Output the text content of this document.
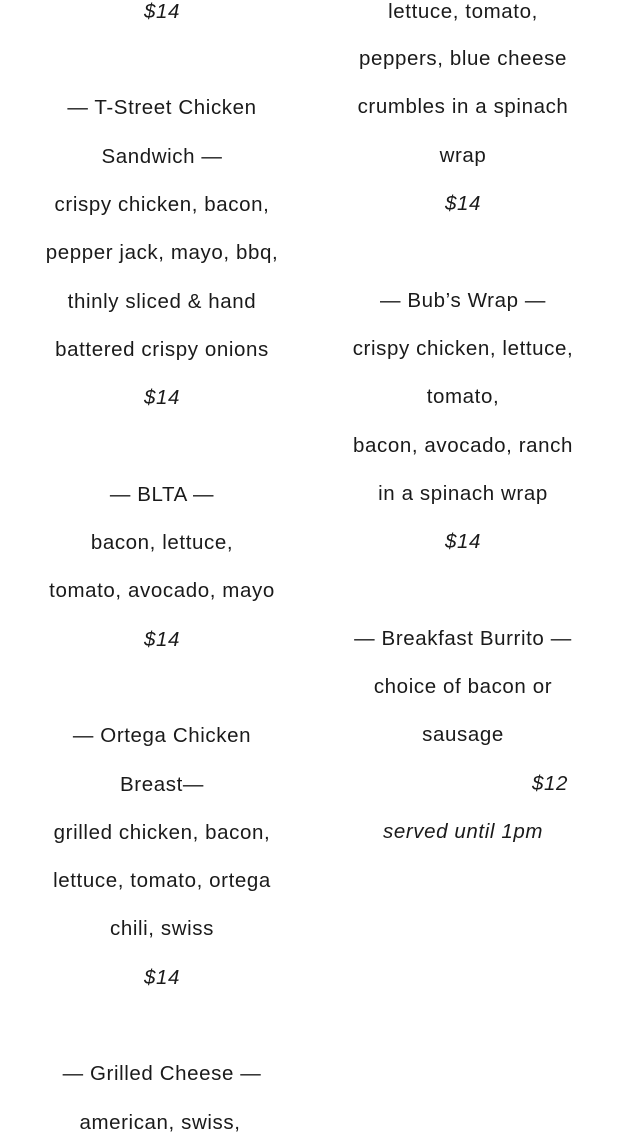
$14
— T-Street Chicken
Sandwich —
crispy chicken, bacon,
pepper jack, mayo, bbq,
thinly sliced & hand
battered crispy onions
$14
— BLTA —
bacon, lettuce,
tomato, avocado, mayo
$14
— Ortega Chicken
Breast—
grilled chicken, bacon,
lettuce, tomato, ortega
chili, swiss
$14
— Grilled Cheese —
american, swiss,
lettuce, tomato,
peppers, blue cheese
crumbles in a spinach
wrap
$14
— Bub’s Wrap —
crispy chicken, lettuce,
tomato,
bacon, avocado, ranch
in a spinach wrap
$14
— Breakfast Burrito —
choice of bacon or
sausage
$12
served until 1pm
